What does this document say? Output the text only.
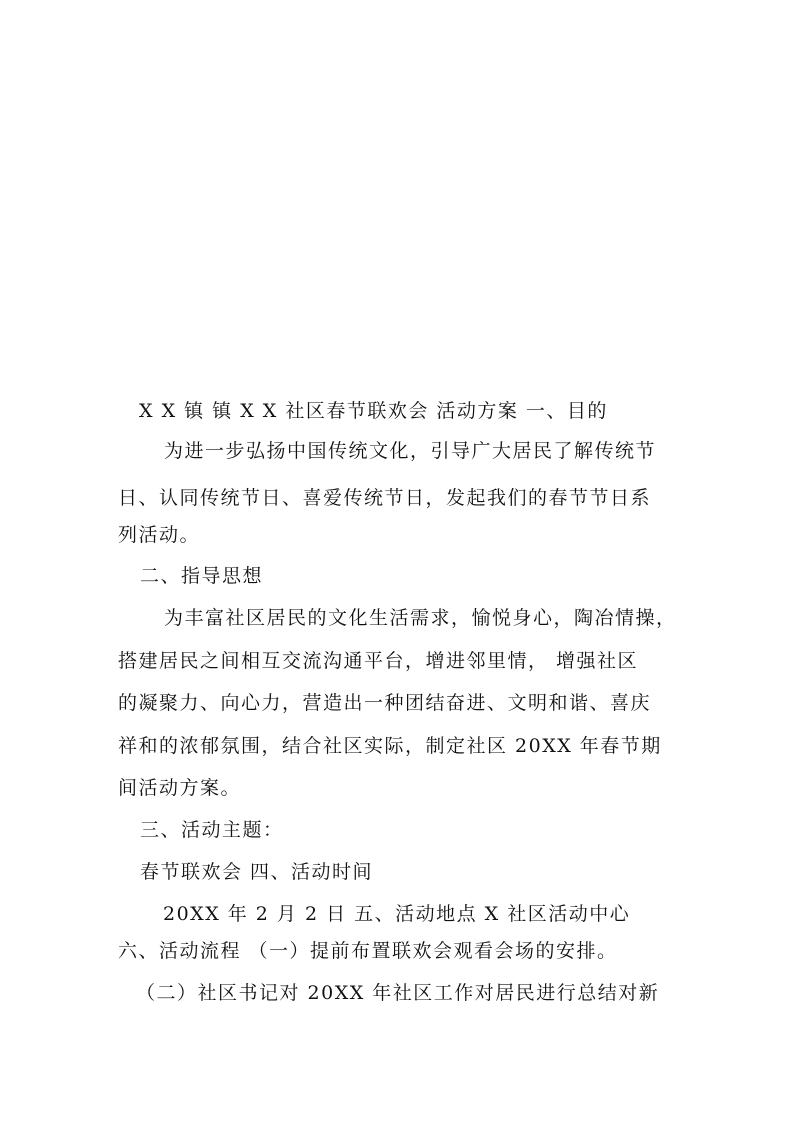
X X 镇 镇 X X 社区春节联欢会 活动方案 一、目的
为进一步弘扬中国传统文化，引导广大居民了解传统节
日、认同传统节日、喜爱传统节日，发起我们的春节节日系
列活动。
二、指导思想
为丰富社区居民的文化生活需求，愉悦身心，陶冶情操，
搭建居民之间相互交流沟通平台，增进邻里情， 增强社区
的凝聚力、向心力，营造出一种团结奋进、文明和谐、喜庆
祥和的浓郁氛围，结合社区实际，制定社区 20XX 年春节期
间活动方案。
三、活动主题：
春节联欢会 四、活动时间
20XX 年 2 月 2 日 五、活动地点 X 社区活动中心
六、活动流程 （一）提前布置联欢会观看会场的安排。
（二）社区书记对 20XX 年社区工作对居民进行总结对新
